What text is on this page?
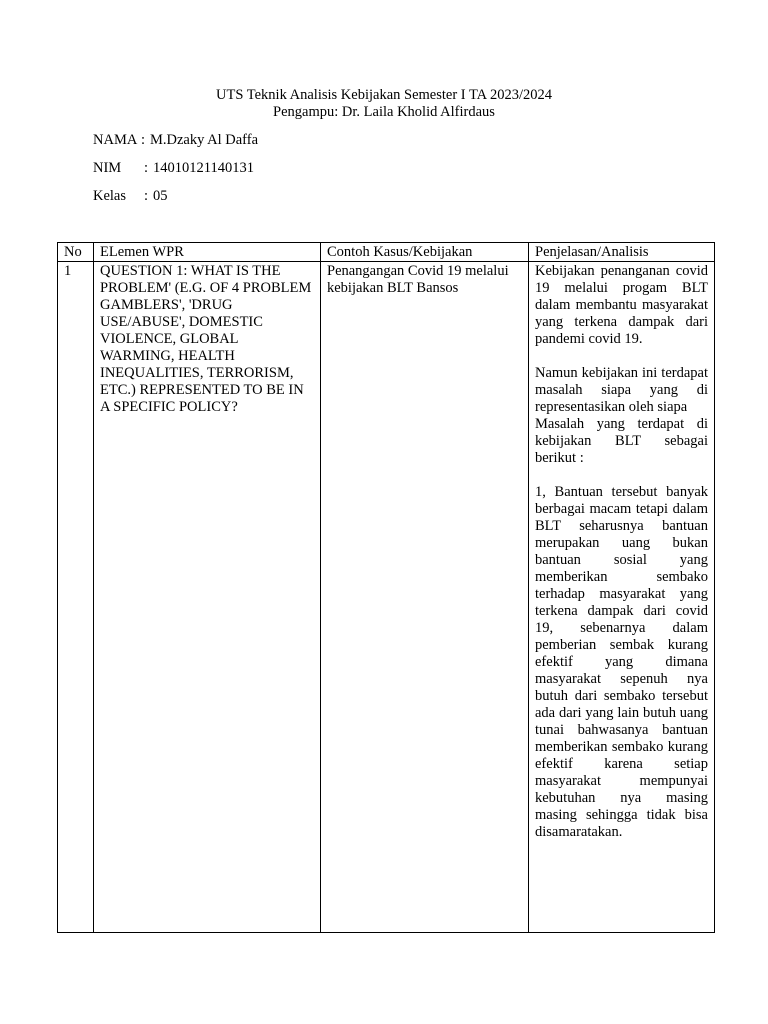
UTS Teknik Analisis Kebijakan Semester I TA 2023/2024
Pengampu: Dr. Laila Kholid Alfirdaus
NAMA
: M.Dzaky Al Daffa
NIM	: 14010121140131
Kelas	: 05
No	ELemen WPR	Contoh Kasus/Kebijakan	Penjelasan/Analisis
1	QUESTION 1: WHAT IS THE PROBLEM' (E.G. OF 4 PROBLEM GAMBLERS', 'DRUG USE/ABUSE', DOMESTIC VIOLENCE, GLOBAL WARMING, HEALTH INEQUALITIES, TERRORISM, ETC.) REPRESENTED TO BE IN A SPECIFIC POLICY?	Penangangan Covid 19 melalui kebijakan BLT Bansos	Kebijakan penanganan covid 19 melalui progam BLT dalam membantu masyarakat yang terkena dampak dari pandemi covid 19.

Namun kebijakan ini terdapat masalah siapa yang di representasikan oleh siapa

Masalah yang terdapat di kebijakan BLT sebagai berikut :

1, Bantuan tersebut banyak berbagai macam tetapi dalam BLT seharusnya bantuan merupakan uang bukan bantuan sosial yang memberikan sembako terhadap masyarakat yang terkena dampak dari covid 19, sebenarnya dalam pemberian sembak kurang efektif yang dimana masyarakat sepenuh nya butuh dari sembako tersebut ada dari yang lain butuh uang tunai bahwasanya bantuan memberikan sembako kurang efektif karena setiap masyarakat mempunyai kebutuhan nya masing masing sehingga tidak bisa disamaratakan.
